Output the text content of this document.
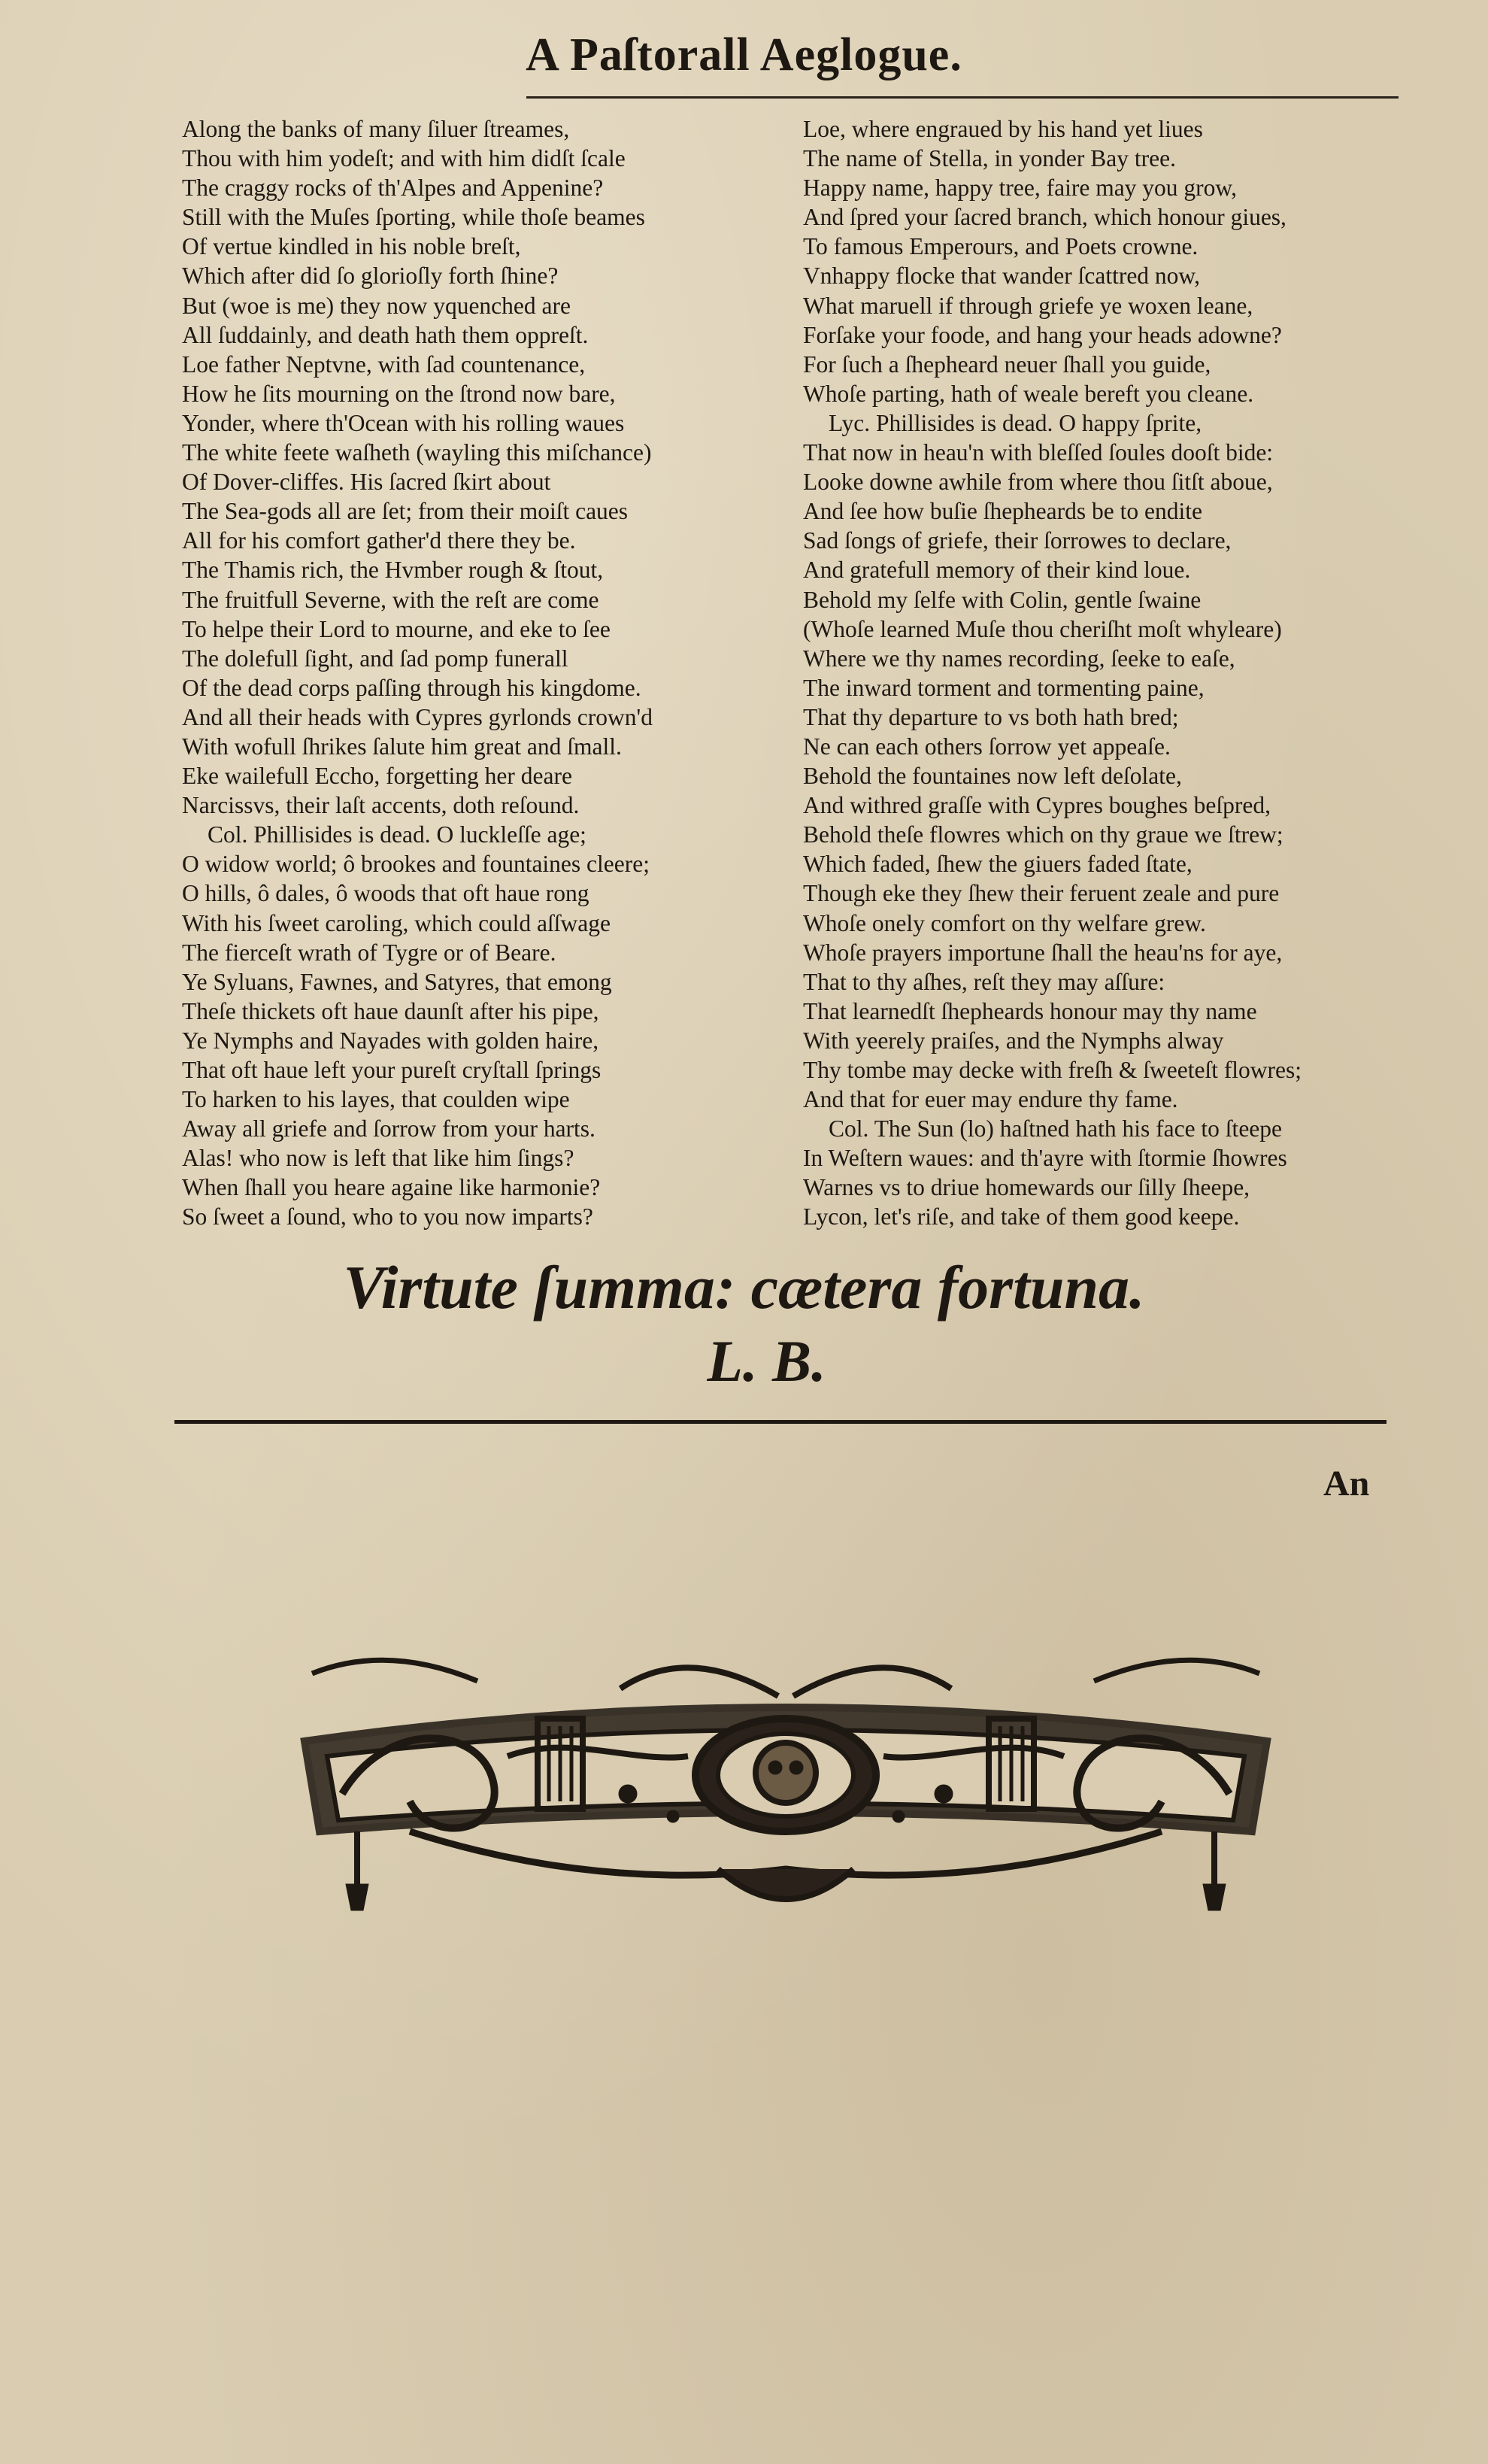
A Paſtorall Aeglogue.
Along the banks of many ſiluer ſtreames,
Thou with him yodeſt; and with him didſt ſcale
The craggy rocks of th'Alpes and Appenine?
Still with the Muſes ſporting, while thoſe beames
Of vertue kindled in his noble breſt,
Which after did ſo glorioſly forth ſhine?
But (woe is me) they now yquenched are
All ſuddainly, and death hath them oppreſt.
Loe father Neptvne, with ſad countenance,
How he ſits mourning on the ſtrond now bare,
Yonder, where th'Ocean with his rolling waues
The white feete waſheth (wayling this miſchance)
Of Dover-cliffes. His ſacred ſkirt about
The Sea-gods all are ſet; from their moiſt caues
All for his comfort gather'd there they be.
The Thamis rich, the Hvmber rough & ſtout,
The fruitfull Severne, with the reſt are come
To helpe their Lord to mourne, and eke to ſee
The dolefull ſight, and ſad pomp funerall
Of the dead corps paſſing through his kingdome.
And all their heads with Cypres gyrlonds crown'd
With wofull ſhrikes ſalute him great and ſmall.
Eke wailefull Eccho, forgetting her deare
Narcissvs, their laſt accents, doth reſound.
Col. Phillisides is dead. O luckleſſe age;
O widow world; ô brookes and fountaines cleere;
O hills, ô dales, ô woods that oft haue rong
With his ſweet caroling, which could aſſwage
The fierceſt wrath of Tygre or of Beare.
Ye Syluans, Fawnes, and Satyres, that emong
Theſe thickets oft haue daunſt after his pipe,
Ye Nymphs and Nayades with golden haire,
That oft haue left your pureſt cryſtall ſprings
To harken to his layes, that coulden wipe
Away all griefe and ſorrow from your harts.
Alas! who now is left that like him ſings?
When ſhall you heare againe like harmonie?
So ſweet a ſound, who to you now imparts?
Loe, where engraued by his hand yet liues
The name of Stella, in yonder Bay tree.
Happy name, happy tree, faire may you grow,
And ſpred your ſacred branch, which honour giues,
To famous Emperours, and Poets crowne.
Vnhappy flocke that wander ſcattred now,
What maruell if through griefe ye woxen leane,
Forſake your foode, and hang your heads adowne?
For ſuch a ſhepheard neuer ſhall you guide,
Whoſe parting, hath of weale bereft you cleane.
Lyc. Phillisides is dead. O happy ſprite,
That now in heau'n with bleſſed ſoules dooſt bide:
Looke downe awhile from where thou ſitſt aboue,
And ſee how buſie ſhepheards be to endite
Sad ſongs of griefe, their ſorrowes to declare,
And gratefull memory of their kind loue.
Behold my ſelfe with Colin, gentle ſwaine
(Whoſe learned Muſe thou cheriſht moſt whyleare)
Where we thy names recording, ſeeke to eaſe,
The inward torment and tormenting paine,
That thy departure to vs both hath bred;
Ne can each others ſorrow yet appeaſe.
Behold the fountaines now left deſolate,
And withred graſſe with Cypres boughes beſpred,
Behold theſe flowres which on thy graue we ſtrew;
Which faded, ſhew the giuers faded ſtate,
Though eke they ſhew their feruent zeale and pure
Whoſe onely comfort on thy welfare grew.
Whoſe prayers importune ſhall the heau'ns for aye,
That to thy aſhes, reſt they may aſſure:
That learnedſt ſhepheards honour may thy name
With yeerely praiſes, and the Nymphs alway
Thy tombe may decke with freſh & ſweeteſt flowres;
And that for euer may endure thy fame.
Col. The Sun (lo) haſtned hath his face to ſteepe
In Weſtern waues: and th'ayre with ſtormie ſhowres
Warnes vs to driue homewards our ſilly ſheepe,
Lycon, let's riſe, and take of them good keepe.
Virtute ſumma: cætera fortuna.
L. B.
An
